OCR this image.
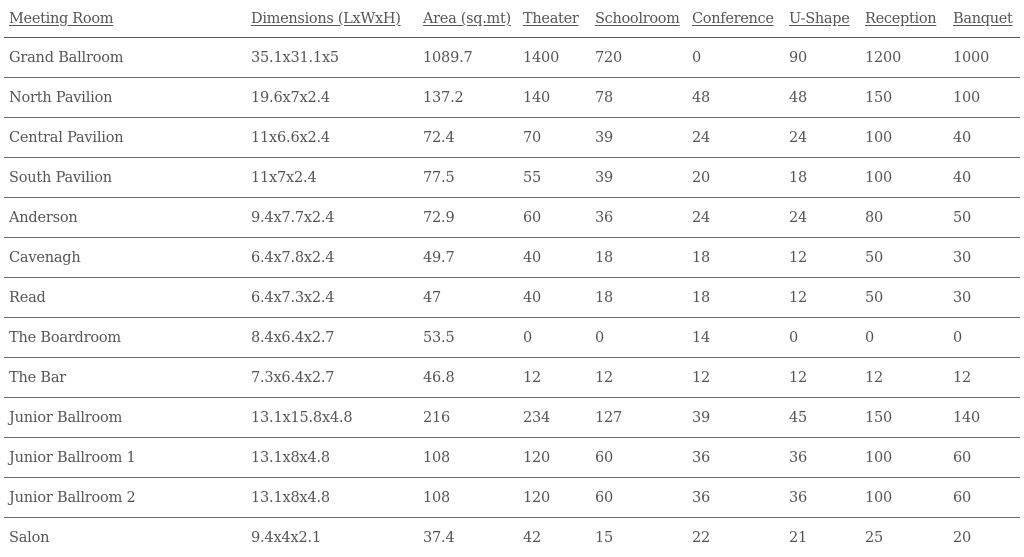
Meeting Room	Dimensions (LxWxH)	Area (sq.mt)	Theater	Schoolroom	Conference	U-Shape	Reception	Banquet
Grand Ballroom	35.1x31.1x5	1089.7	1400	720	0	90	1200	1000
North Pavilion	19.6x7x2.4	137.2	140	78	48	48	150	100
Central Pavilion	11x6.6x2.4	72.4	70	39	24	24	100	40
South Pavilion	11x7x2.4	77.5	55	39	20	18	100	40
Anderson	9.4x7.7x2.4	72.9	60	36	24	24	80	50
Cavenagh	6.4x7.8x2.4	49.7	40	18	18	12	50	30
Read	6.4x7.3x2.4	47	40	18	18	12	50	30
The Boardroom	8.4x6.4x2.7	53.5	0	0	14	0	0	0
The Bar	7.3x6.4x2.7	46.8	12	12	12	12	12	12
Junior Ballroom	13.1x15.8x4.8	216	234	127	39	45	150	140
Junior Ballroom 1	13.1x8x4.8	108	120	60	36	36	100	60
Junior Ballroom 2	13.1x8x4.8	108	120	60	36	36	100	60
Salon	9.4x4x2.1	37.4	42	15	22	21	25	20
